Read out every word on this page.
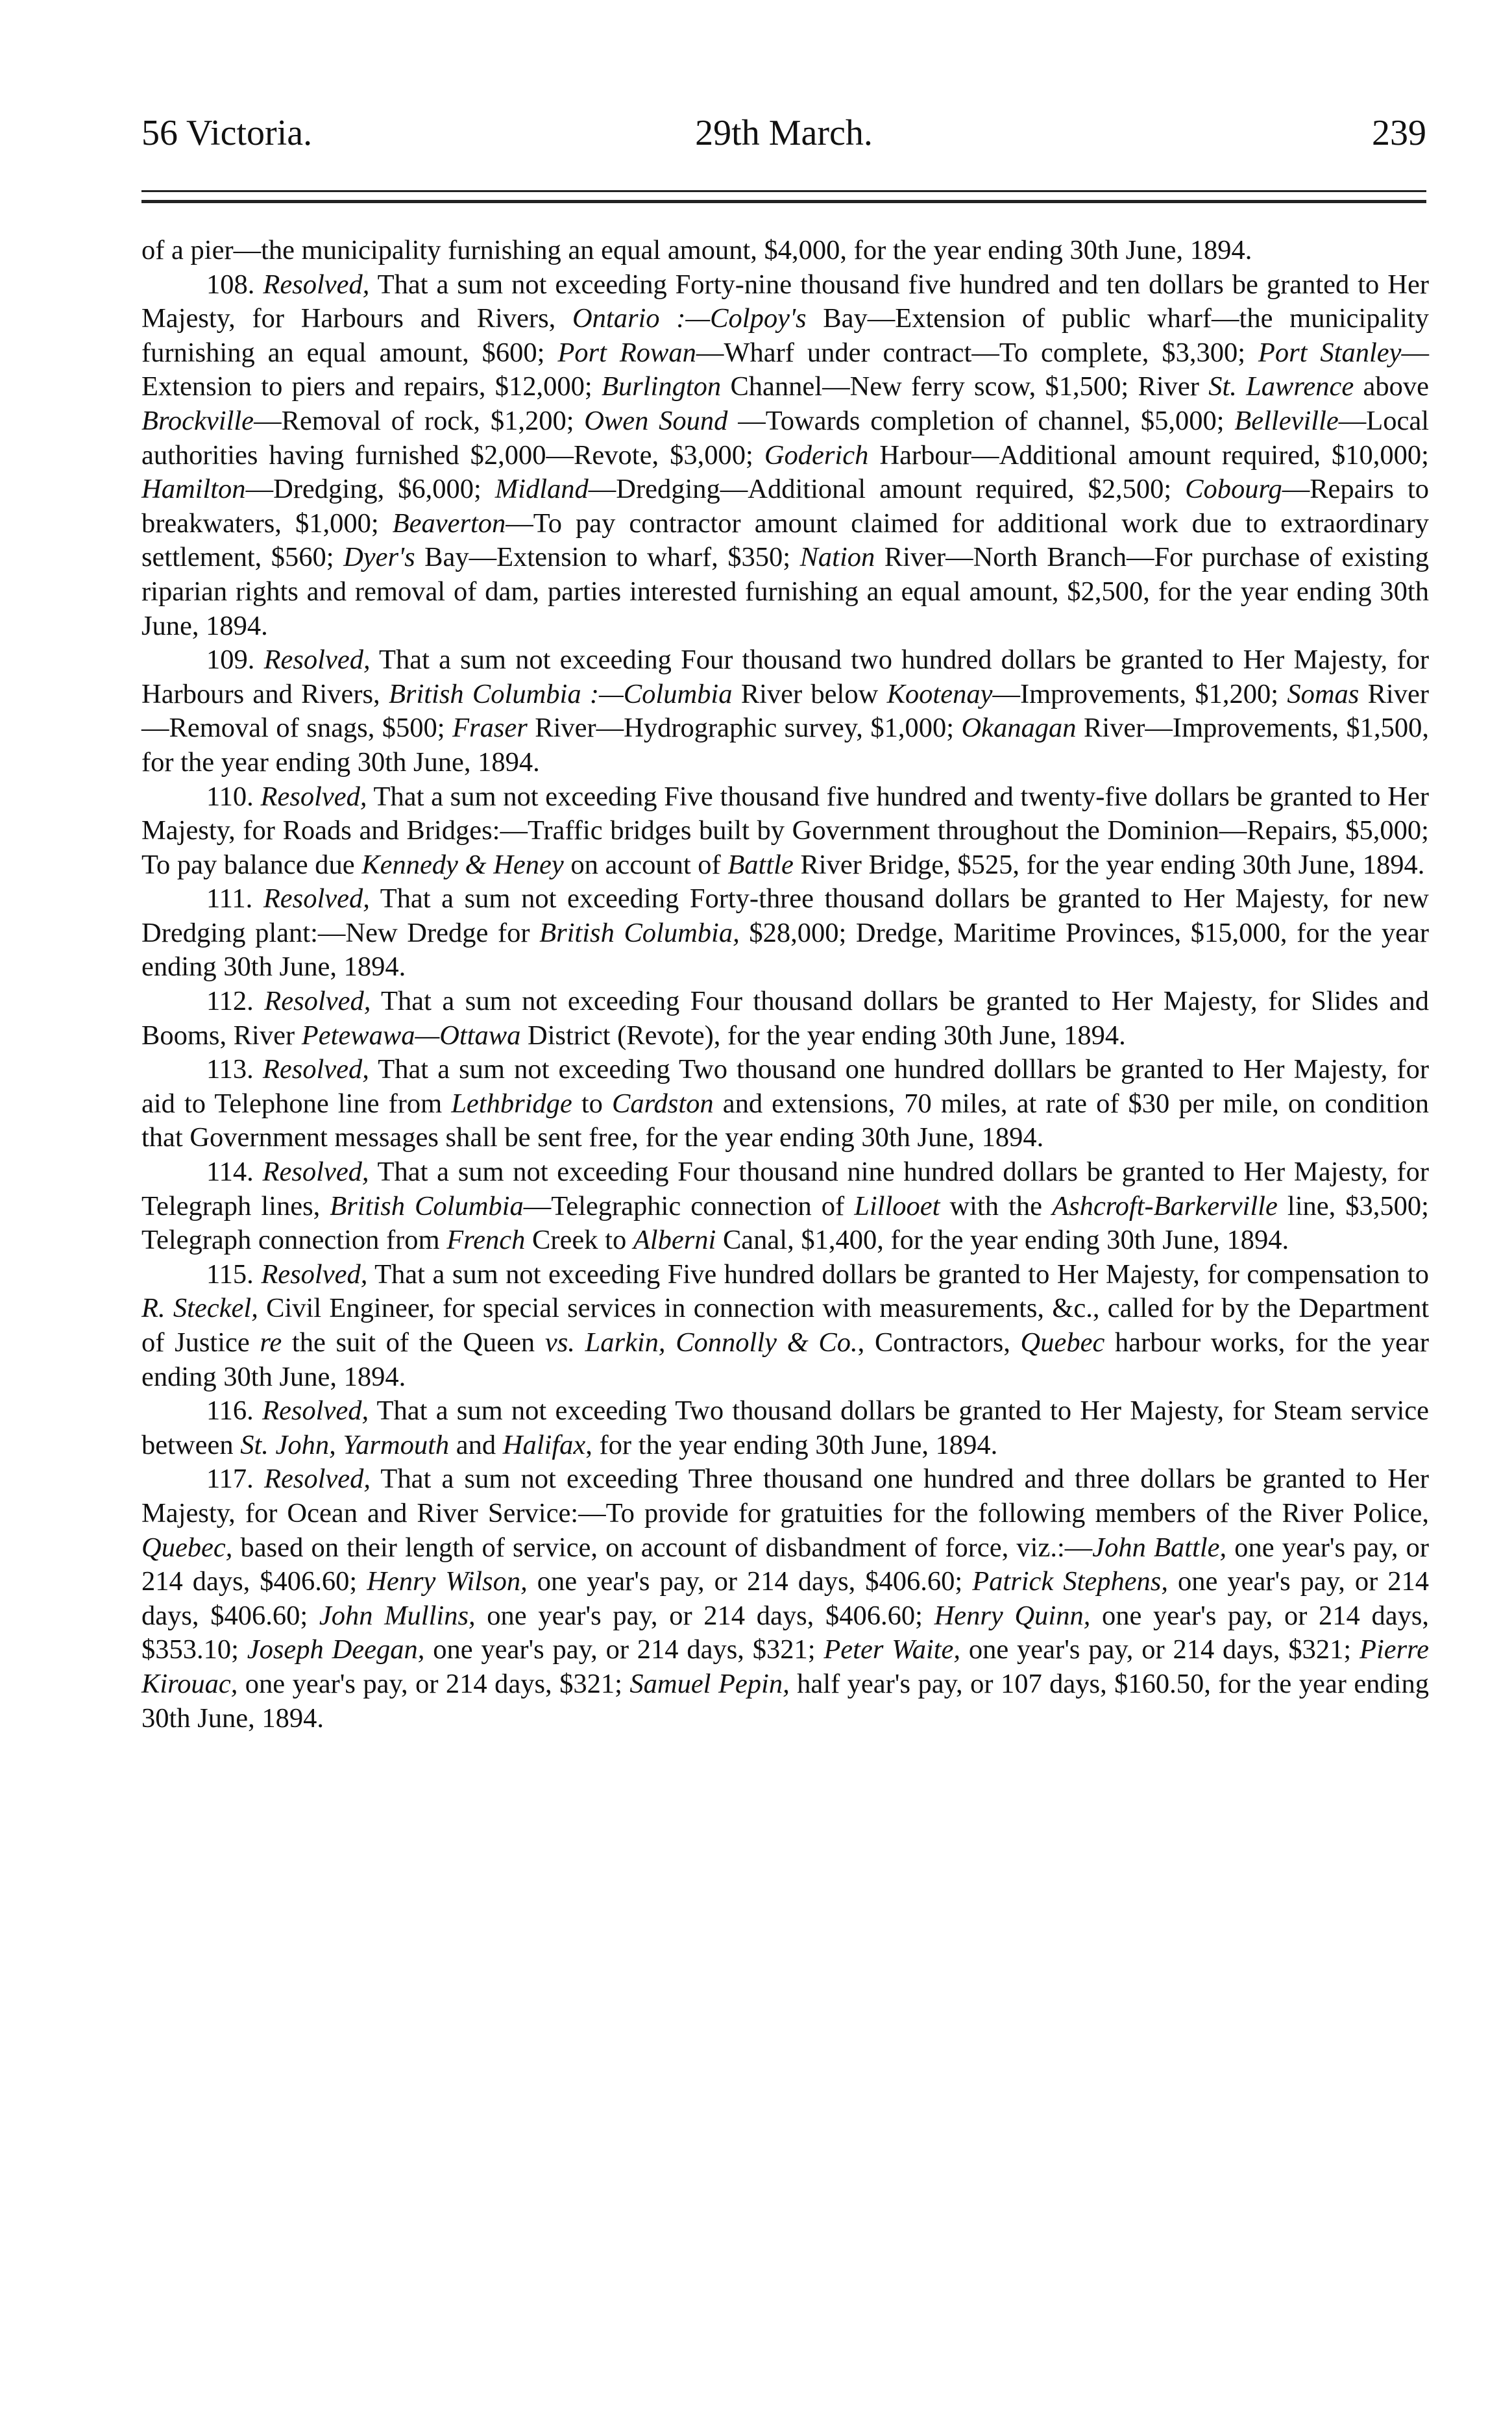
56 Victoria.	29th March.	239

of a pier—the municipality furnishing an equal amount, $4,000, for the year ending 30th June, 1894.

108. Resolved, That a sum not exceeding Forty-nine thousand five hundred and ten dollars be granted to Her Majesty, for Harbours and Rivers, Ontario :—Colpoy's Bay—Extension of public wharf—the municipality furnishing an equal amount, $600; Port Rowan—Wharf under contract—To complete, $3,300; Port Stanley—Extension to piers and repairs, $12,000; Burlington Channel—New ferry scow, $1,500; River St. Lawrence above Brockville—Removal of rock, $1,200; Owen Sound —Towards completion of channel, $5,000; Belleville—Local authorities having furnished $2,000—Revote, $3,000; Goderich Harbour—Additional amount required, $10,000; Hamilton—Dredging, $6,000; Midland—Dredging—Additional amount required, $2,500; Cobourg—Repairs to breakwaters, $1,000; Beaverton—To pay contractor amount claimed for additional work due to extraordinary settlement, $560; Dyer's Bay—Extension to wharf, $350; Nation River—North Branch—For purchase of existing riparian rights and removal of dam, parties interested furnishing an equal amount, $2,500, for the year ending 30th June, 1894.

109. Resolved, That a sum not exceeding Four thousand two hundred dollars be granted to Her Majesty, for Harbours and Rivers, British Columbia :—Columbia River below Kootenay—Improvements, $1,200; Somas River—Removal of snags, $500; Fraser River—Hydrographic survey, $1,000; Okanagan River—Improvements, $1,500, for the year ending 30th June, 1894.

110. Resolved, That a sum not exceeding Five thousand five hundred and twenty-five dollars be granted to Her Majesty, for Roads and Bridges:—Traffic bridges built by Government throughout the Dominion—Repairs, $5,000; To pay balance due Kennedy & Heney on account of Battle River Bridge, $525, for the year ending 30th June, 1894.

111. Resolved, That a sum not exceeding Forty-three thousand dollars be granted to Her Majesty, for new Dredging plant:—New Dredge for British Columbia, $28,000; Dredge, Maritime Provinces, $15,000, for the year ending 30th June, 1894.

112. Resolved, That a sum not exceeding Four thousand dollars be granted to Her Majesty, for Slides and Booms, River Petewawa—Ottawa District (Revote), for the year ending 30th June, 1894.

113. Resolved, That a sum not exceeding Two thousand one hundred dolllars be granted to Her Majesty, for aid to Telephone line from Lethbridge to Cardston and extensions, 70 miles, at rate of $30 per mile, on condition that Government messages shall be sent free, for the year ending 30th June, 1894.

114. Resolved, That a sum not exceeding Four thousand nine hundred dollars be granted to Her Majesty, for Telegraph lines, British Columbia—Telegraphic connection of Lillooet with the Ashcroft-Barkerville line, $3,500; Telegraph connection from French Creek to Alberni Canal, $1,400, for the year ending 30th June, 1894.

115. Resolved, That a sum not exceeding Five hundred dollars be granted to Her Majesty, for compensation to R. Steckel, Civil Engineer, for special services in connection with measurements, &c., called for by the Department of Justice re the suit of the Queen vs. Larkin, Connolly & Co., Contractors, Quebec harbour works, for the year ending 30th June, 1894.

116. Resolved, That a sum not exceeding Two thousand dollars be granted to Her Majesty, for Steam service between St. John, Yarmouth and Halifax, for the year ending 30th June, 1894.

117. Resolved, That a sum not exceeding Three thousand one hundred and three dollars be granted to Her Majesty, for Ocean and River Service:—To provide for gratuities for the following members of the River Police, Quebec, based on their length of service, on account of disbandment of force, viz.:—John Battle, one year's pay, or 214 days, $406.60; Henry Wilson, one year's pay, or 214 days, $406.60; Patrick Stephens, one year's pay, or 214 days, $406.60; John Mullins, one year's pay, or 214 days, $406.60; Henry Quinn, one year's pay, or 214 days, $353.10; Joseph Deegan, one year's pay, or 214 days, $321; Peter Waite, one year's pay, or 214 days, $321; Pierre Kirouac, one year's pay, or 214 days, $321; Samuel Pepin, half year's pay, or 107 days, $160.50, for the year ending 30th June, 1894.
